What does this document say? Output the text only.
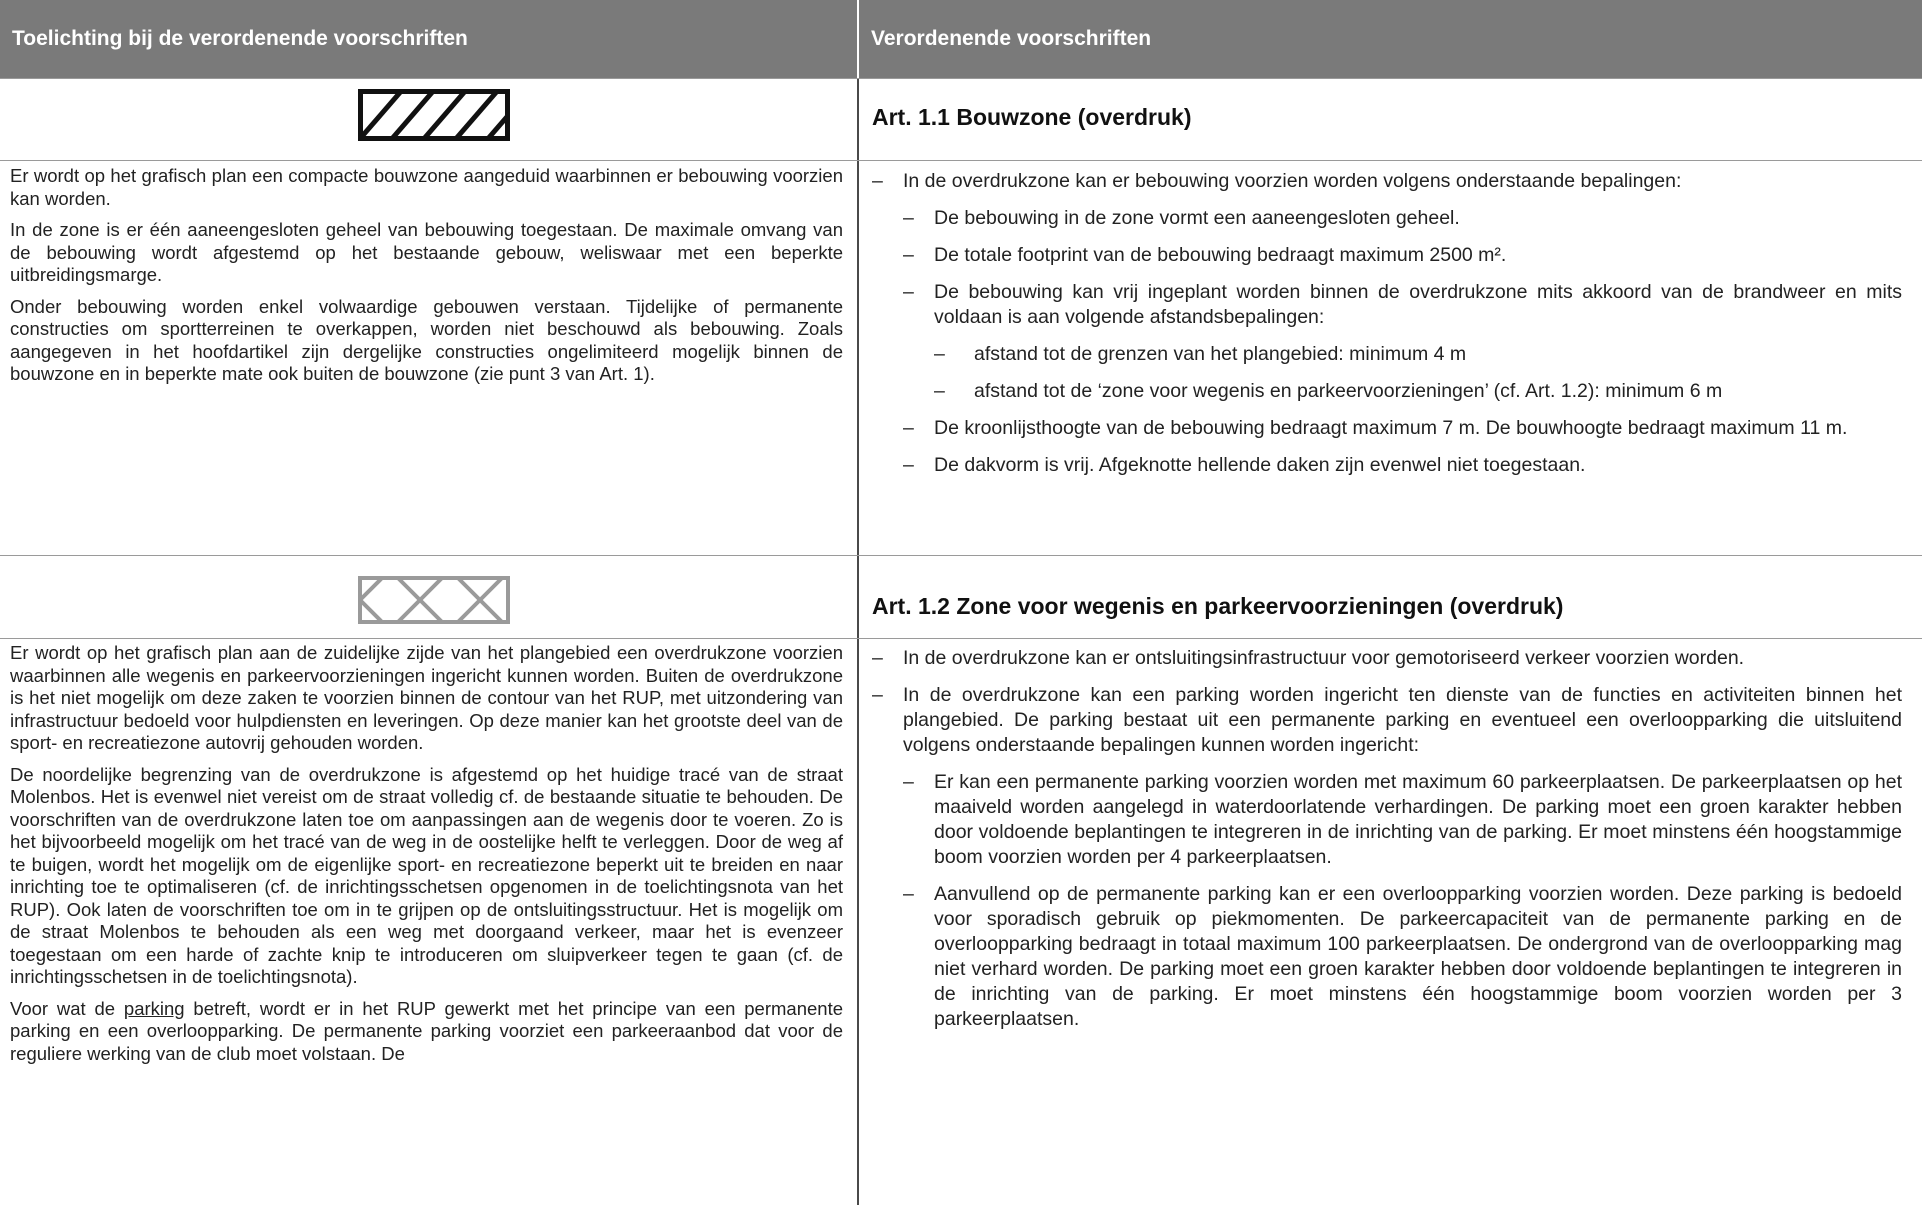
Toelichting bij de verordenende voorschriften	Verordenende voorschriften
Art. 1.1 Bouwzone (overdruk)

Er wordt op het grafisch plan een compacte bouwzone aangeduid waarbinnen er bebouwing voorzien kan worden.

In de zone is er één aaneengesloten geheel van bebouwing toegestaan. De maximale omvang van de bebouwing wordt afgestemd op het bestaande gebouw, weliswaar met een beperkte uitbreidingsmarge.

Onder bebouwing worden enkel volwaardige gebouwen verstaan. Tijdelijke of permanente constructies om sportterreinen te overkappen, worden niet beschouwd als bebouwing. Zoals aangegeven in het hoofdartikel zijn dergelijke constructies ongelimiteerd mogelijk binnen de bouwzone en in beperkte mate ook buiten de bouwzone (zie punt 3 van Art. 1).

– In de overdrukzone kan er bebouwing voorzien worden volgens onderstaande bepalingen:
– De bebouwing in de zone vormt een aaneengesloten geheel.
– De totale footprint van de bebouwing bedraagt maximum 2500 m².
– De bebouwing kan vrij ingeplant worden binnen de overdrukzone mits akkoord van de brandweer en mits voldaan is aan volgende afstandsbepalingen:
– afstand tot de grenzen van het plangebied: minimum 4 m
– afstand tot de ‘zone voor wegenis en parkeervoorzieningen’ (cf. Art. 1.2): minimum 6 m
– De kroonlijsthoogte van de bebouwing bedraagt maximum 7 m. De bouwhoogte bedraagt maximum 11 m.
– De dakvorm is vrij. Afgeknotte hellende daken zijn evenwel niet toegestaan.
Art. 1.2 Zone voor wegenis en parkeervoorzieningen (overdruk)

Er wordt op het grafisch plan aan de zuidelijke zijde van het plangebied een overdrukzone voorzien waarbinnen alle wegenis en parkeervoorzieningen ingericht kunnen worden. Buiten de overdrukzone is het niet mogelijk om deze zaken te voorzien binnen de contour van het RUP, met uitzondering van infrastructuur bedoeld voor hulpdiensten en leveringen. Op deze manier kan het grootste deel van de sport- en recreatiezone autovrij gehouden worden.

De noordelijke begrenzing van de overdrukzone is afgestemd op het huidige tracé van de straat Molenbos. Het is evenwel niet vereist om de straat volledig cf. de bestaande situatie te behouden. De voorschriften van de overdrukzone laten toe om aanpassingen aan de wegenis door te voeren. Zo is het bijvoorbeeld mogelijk om het tracé van de weg in de oostelijke helft te verleggen. Door de weg af te buigen, wordt het mogelijk om de eigenlijke sport- en recreatiezone beperkt uit te breiden en naar inrichting toe te optimaliseren (cf. de inrichtingsschetsen opgenomen in de toelichtingsnota van het RUP). Ook laten de voorschriften toe om in te grijpen op de ontsluitingsstructuur. Het is mogelijk om de straat Molenbos te behouden als een weg met doorgaand verkeer, maar het is evenzeer toegestaan om een harde of zachte knip te introduceren om sluipverkeer tegen te gaan (cf. de inrichtingsschetsen in de toelichtingsnota).

Voor wat de parking betreft, wordt er in het RUP gewerkt met het principe van een permanente parking en een overloopparking. De permanente parking voorziet een parkeeraanbod dat voor de reguliere werking van de club moet volstaan. De

– In de overdrukzone kan er ontsluitingsinfrastructuur voor gemotoriseerd verkeer voorzien worden.
– In de overdrukzone kan een parking worden ingericht ten dienste van de functies en activiteiten binnen het plangebied. De parking bestaat uit een permanente parking en eventueel een overloopparking die uitsluitend volgens onderstaande bepalingen kunnen worden ingericht:
– Er kan een permanente parking voorzien worden met maximum 60 parkeerplaatsen. De parkeerplaatsen op het maaiveld worden aangelegd in waterdoorlatende verhardingen. De parking moet een groen karakter hebben door voldoende beplantingen te integreren in de inrichting van de parking. Er moet minstens één hoogstammige boom voorzien worden per 4 parkeerplaatsen.
– Aanvullend op de permanente parking kan er een overloopparking voorzien worden. Deze parking is bedoeld voor sporadisch gebruik op piekmomenten. De parkeercapaciteit van de permanente parking en de overloopparking bedraagt in totaal maximum 100 parkeerplaatsen. De ondergrond van de overloopparking mag niet verhard worden. De parking moet een groen karakter hebben door voldoende beplantingen te integreren in de inrichting van de parking. Er moet minstens één hoogstammige boom voorzien worden per 3 parkeerplaatsen.
